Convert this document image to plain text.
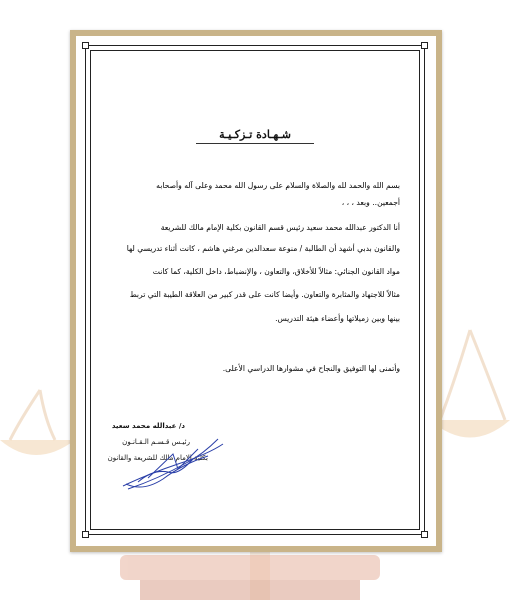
شـهـادة تـزكـيـة
بسم الله والحمد لله والصلاة والسلام على رسول الله محمد وعلى آله وأصحابه
أجمعين.. وبعد ، ، ،
أنا الدكتور عبدالله محمد سعيد رئيس قسم القانون بكلية الإمام مالك للشريعة
والقانون بدبي أشهد أن الطالبة / منوعة سعدالدين مرغني هاشم ، كانت أثناء تدريسي لها
مواد القانون الجنائي: مثالاً للأخلاق، والتعاون ، والإنضباط، داخل الكلية، كما كانت
مثالاً للاجتهاد والمثابرة والتعاون. وأيضا كانت على قدر كبير من العلاقة الطيبة التي تربط
بينها وبين زميلاتها وأعضاء هيئة التدريس.
وأتمنى لها التوفيق والنجاح في مشوارها الدراسي الأعلى.
د/ عبدالله محمد سعيد
رئيـس قـسـم الـقـانـون
بكلية الإمام مالك للشريعة والقانون
